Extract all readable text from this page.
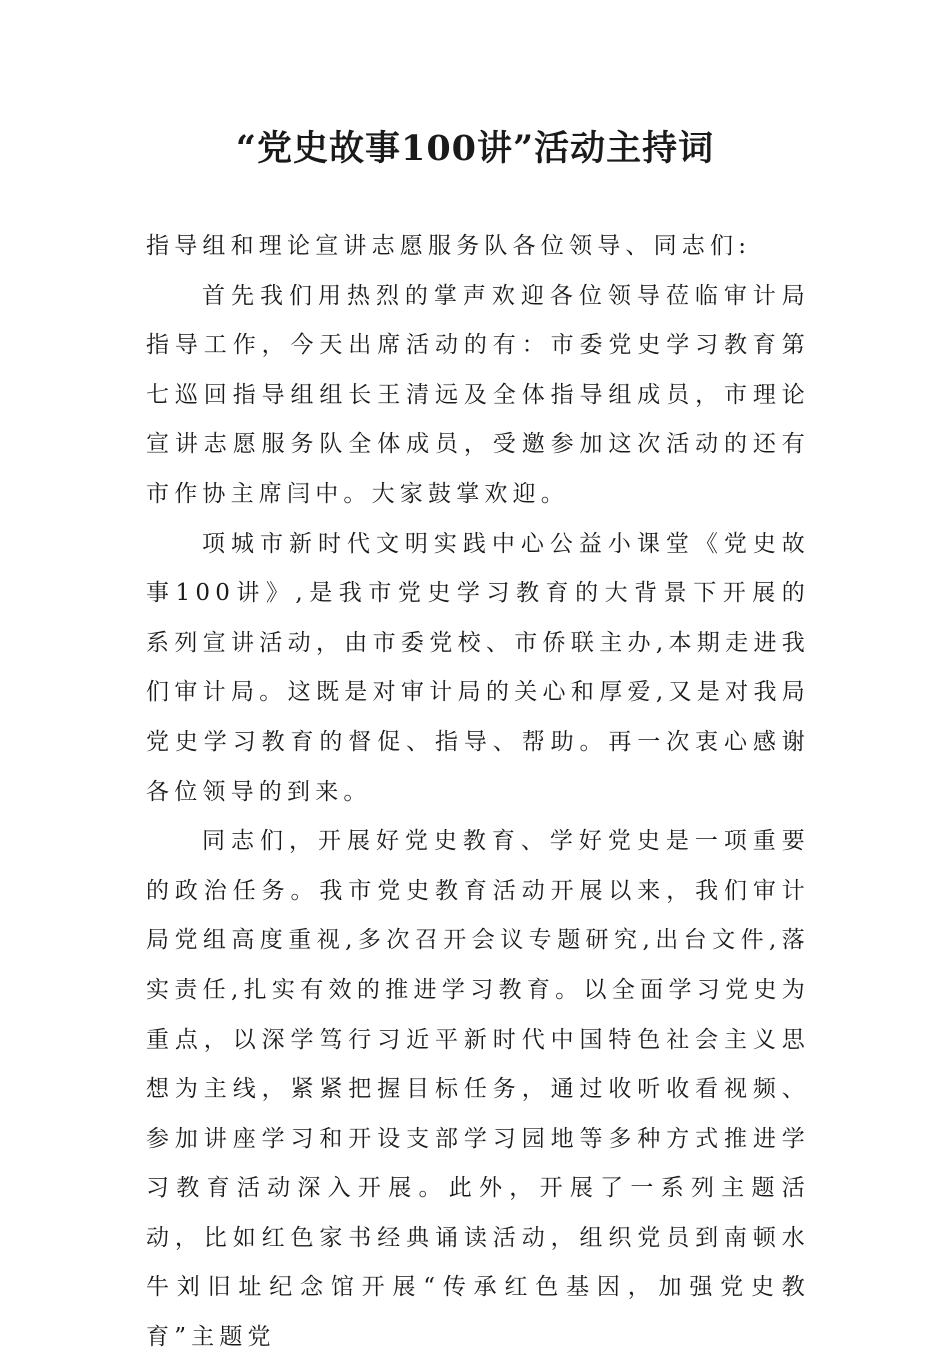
“党史故事100讲”活动主持词

指导组和理论宣讲志愿服务队各位领导、同志们:

首先我们用热烈的掌声欢迎各位领导莅临审计局指导工作，今天出席活动的有：市委党史学习教育第七巡回指导组组长王清远及全体指导组成员，市理论宣讲志愿服务队全体成员，受邀参加这次活动的还有市作协主席闫中。大家鼓掌欢迎。

项城市新时代文明实践中心公益小课堂《党史故事100讲》,是我市党史学习教育的大背景下开展的系列宣讲活动，由市委党校、市侨联主办,本期走进我们审计局。这既是对审计局的关心和厚爱,又是对我局党史学习教育的督促、指导、帮助。再一次衷心感谢各位领导的到来。

同志们，开展好党史教育、学好党史是一项重要的政治任务。我市党史教育活动开展以来，我们审计局党组高度重视,多次召开会议专题研究,出台文件,落实责任,扎实有效的推进学习教育。以全面学习党史为重点，以深学笃行习近平新时代中国特色社会主义思想为主线，紧紧把握目标任务，通过收听收看视频、参加讲座学习和开设支部学习园地等多种方式推进学习教育活动深入开展。此外，开展了一系列主题活动，比如红色家书经典诵读活动，组织党员到南顿水牛刘旧址纪念馆开展“传承红色基因，加强党史教育”主题党
